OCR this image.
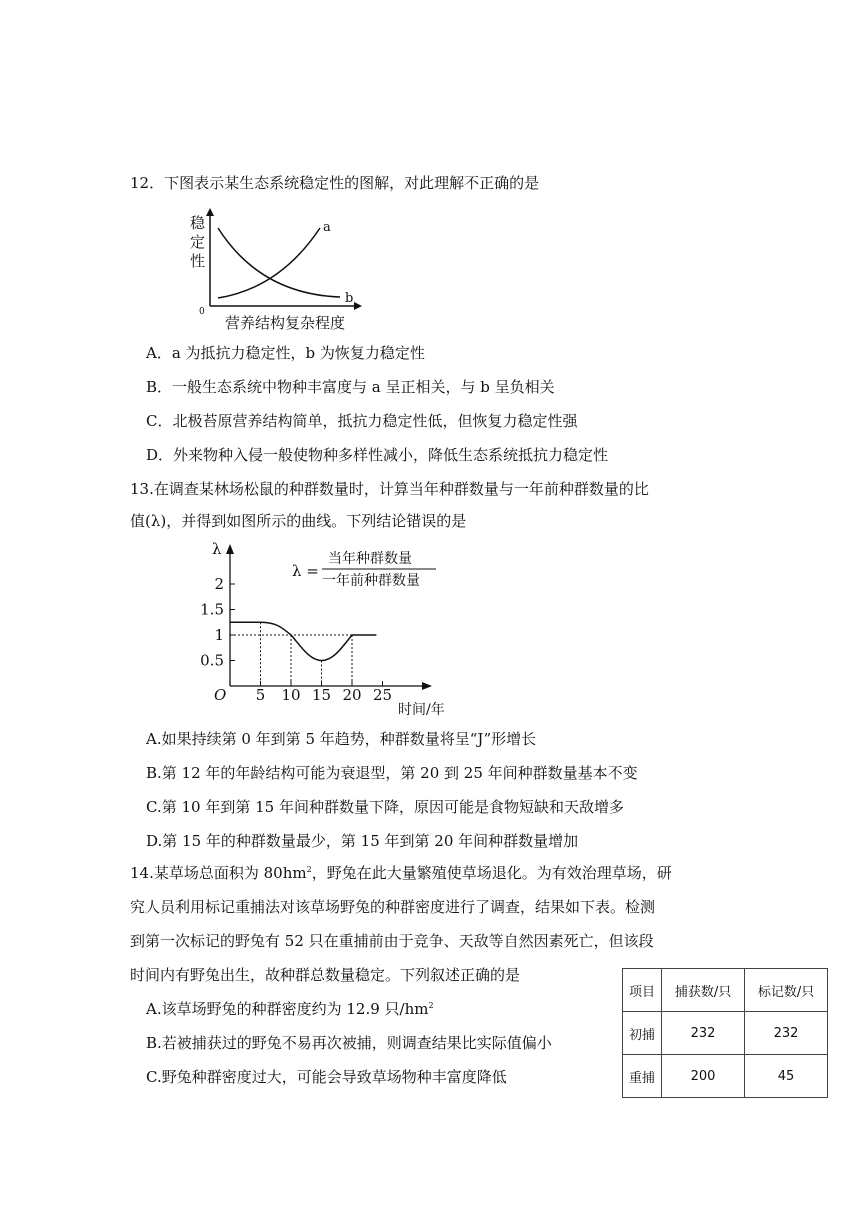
12．下图表示某生态系统稳定性的图解，对此理解不正确的是
稳
定
性
0
a
b
营养结构复杂程度
A．a 为抵抗力稳定性，b 为恢复力稳定性
B．一般生态系统中物种丰富度与 a 呈正相关，与 b 呈负相关
C．北极苔原营养结构简单，抵抗力稳定性低，但恢复力稳定性强
D．外来物种入侵一般使物种多样性减小，降低生态系统抵抗力稳定性
13.在调查某林场松鼠的种群数量时，计算当年种群数量与一年前种群数量的比
值(λ)，并得到如图所示的曲线。下列结论错误的是
λ
O
时间/年
λ =
当年种群数量
一年前种群数量
0.5
1
1.5
2
5 10 15 20 25
A.如果持续第 0 年到第 5 年趋势，种群数量将呈“J”形增长
B.第 12 年的年龄结构可能为衰退型，第 20 到 25 年间种群数量基本不变
C.第 10 年到第 15 年间种群数量下降，原因可能是食物短缺和天敌增多
D.第 15 年的种群数量最少，第 15 年到第 20 年间种群数量增加
14.某草场总面积为 $80hm^2$，野兔在此大量繁殖使草场退化。为有效治理草场，研
究人员利用标记重捕法对该草场野兔的种群密度进行了调查，结果如下表。检测
到第一次标记的野兔有 52 只在重捕前由于竞争、天敌等自然因素死亡，但该段
时间内有野兔出生，故种群总数量稳定。下列叙述正确的是
A.该草场野兔的种群密度约为 12.9 只$/hm^2$
B.若被捕获过的野兔不易再次被捕，则调查结果比实际值偏小
C.野兔种群密度过大，可能会导致草场物种丰富度降低
项目	捕获数/只	标记数/只
初捕	232	232
重捕	200	45
